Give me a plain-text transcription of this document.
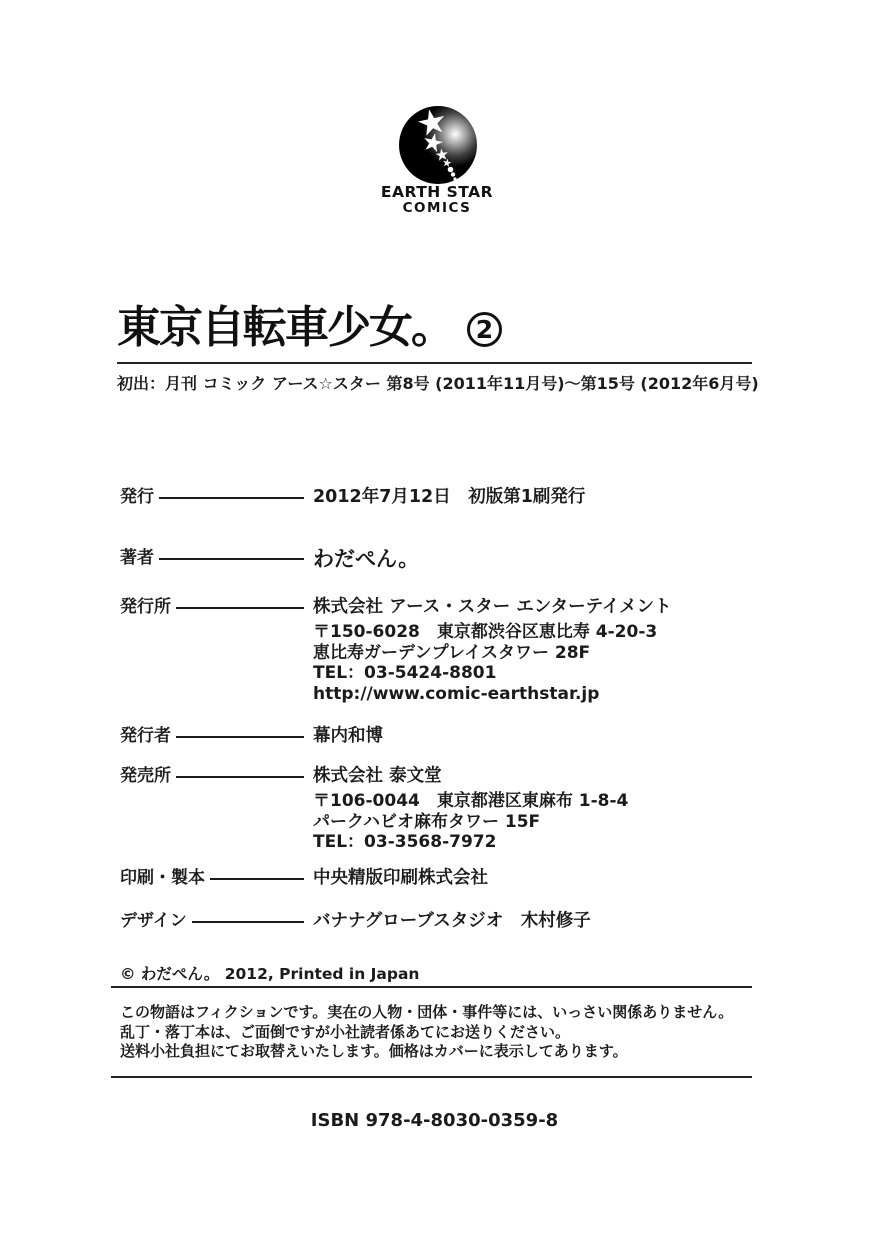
EARTH STAR
COMICS
東京自転車少女。 2
初出：月刊 コミック アース☆スター 第8号 (2011年11月号)～第15号 (2012年6月号)
発行	2012年7月12日　初版第1刷発行
著者	わだぺん。
発行所	株式会社 アース・スター エンターテイメント
〒150-6028　東京都渋谷区恵比寿 4-20-3
恵比寿ガーデンプレイスタワー 28F
TEL：03-5424-8801
http://www.comic-earthstar.jp
発行者	幕内和博
発売所	株式会社 泰文堂
〒106-0044　東京都港区東麻布 1-8-4
パークハビオ麻布タワー 15F
TEL：03-3568-7972
印刷・製本	中央精版印刷株式会社
デザイン	バナナグローブスタジオ　木村修子
© わだぺん。 2012, Printed in Japan
この物語はフィクションです。実在の人物・団体・事件等には、いっさい関係ありません。
乱丁・落丁本は、ご面倒ですが小社読者係あてにお送りください。
送料小社負担にてお取替えいたします。価格はカバーに表示してあります。
ISBN 978-4-8030-0359-8
